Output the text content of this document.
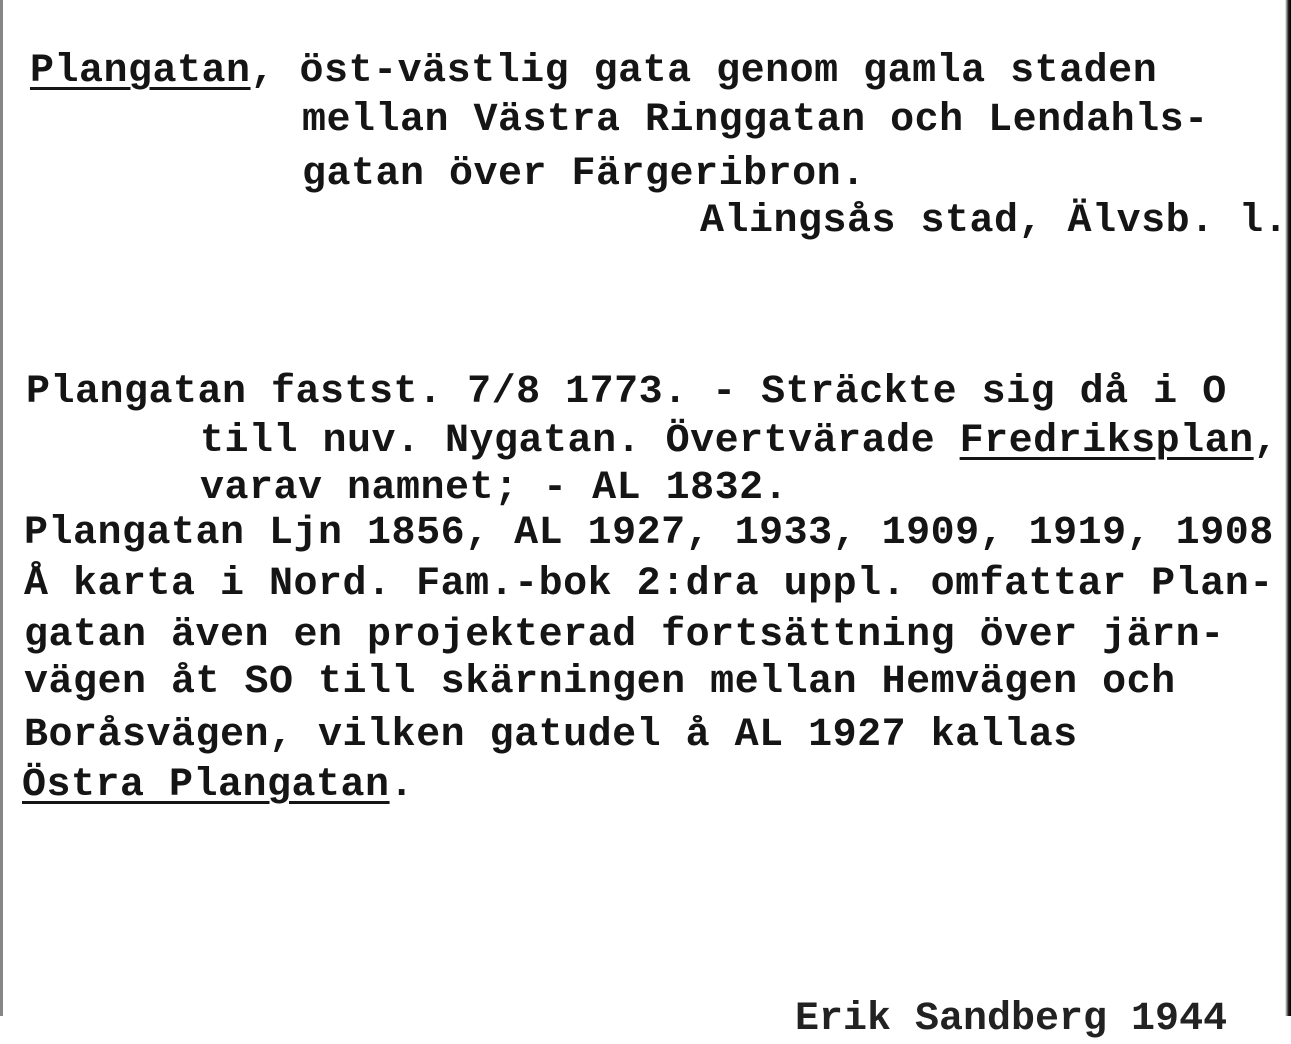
Plangatan, öst-västlig gata genom gamla staden
mellan Västra Ringgatan och Lendahls-
gatan över Färgeribron.
Alingsås stad, Älvsb. l.
Plangatan fastst. 7/8 1773. - Sträckte sig då i O
till nuv. Nygatan. Övertvärade Fredriksplan,
varav namnet; - AL 1832.
Plangatan Ljn 1856, AL 1927, 1933, 1909, 1919, 1908
Å karta i Nord. Fam.-bok 2:dra uppl. omfattar Plan-
gatan även en projekterad fortsättning över järn-
vägen åt SO till skärningen mellan Hemvägen och
Boråsvägen, vilken gatudel å AL 1927 kallas
Östra Plangatan.
Erik Sandberg 1944
